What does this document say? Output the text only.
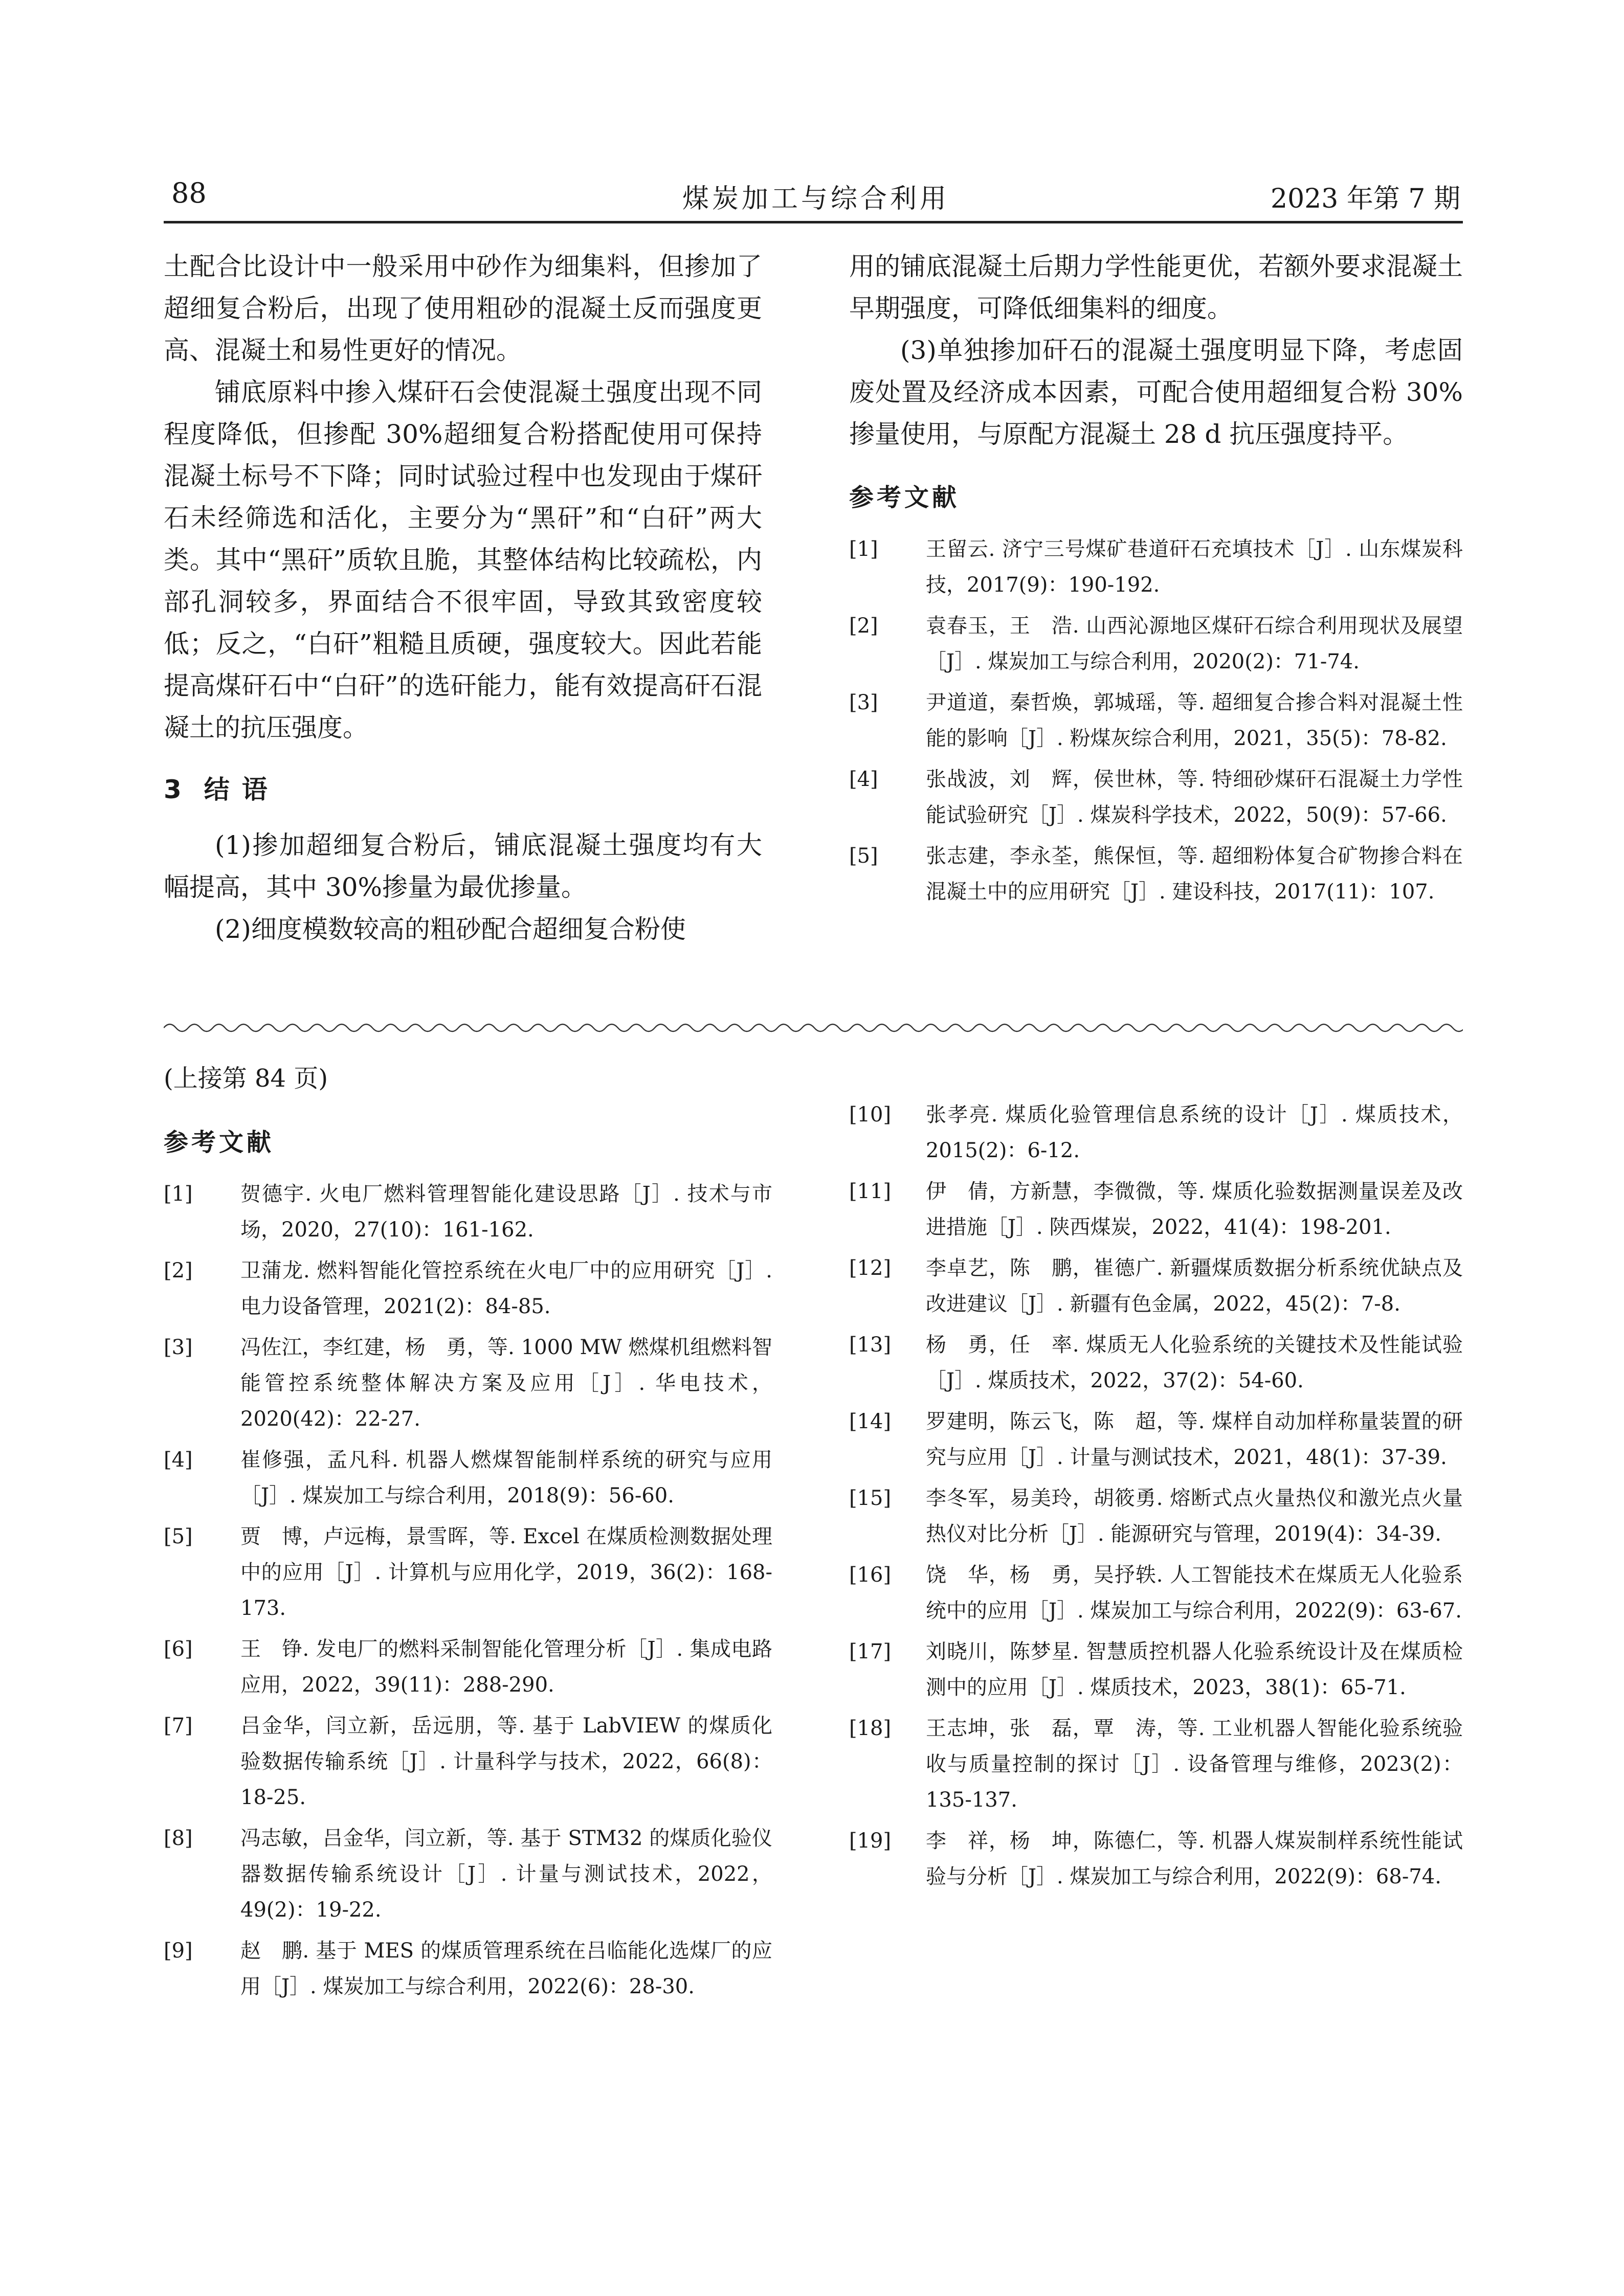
88	煤炭加工与综合利用	2023 年第 7 期

土配合比设计中一般采用中砂作为细集料，但掺加了超细复合粉后，出现了使用粗砂的混凝土反而强度更高、混凝土和易性更好的情况。

铺底原料中掺入煤矸石会使混凝土强度出现不同程度降低，但掺配 30%超细复合粉搭配使用可保持混凝土标号不下降；同时试验过程中也发现由于煤矸石未经筛选和活化，主要分为“黑矸”和“白矸”两大类。其中“黑矸”质软且脆，其整体结构比较疏松，内部孔洞较多，界面结合不很牢固，导致其致密度较低；反之，“白矸”粗糙且质硬，强度较大。因此若能提高煤矸石中“白矸”的选矸能力，能有效提高矸石混凝土的抗压强度。

3 结语

(1)掺加超细复合粉后，铺底混凝土强度均有大幅提高，其中 30%掺量为最优掺量。

(2)细度模数较高的粗砂配合超细复合粉使

用的铺底混凝土后期力学性能更优，若额外要求混凝土早期强度，可降低细集料的细度。

(3)单独掺加矸石的混凝土强度明显下降，考虑固废处置及经济成本因素，可配合使用超细复合粉 30%掺量使用，与原配方混凝土 28 d 抗压强度持平。

参考文献
[1] 王留云. 济宁三号煤矿巷道矸石充填技术［J］. 山东煤炭科技，2017(9)：190-192.
[2] 袁春玉，王　浩. 山西沁源地区煤矸石综合利用现状及展望［J］. 煤炭加工与综合利用，2020(2)：71-74.
[3] 尹道道，秦哲焕，郭城瑶，等. 超细复合掺合料对混凝土性能的影响［J］. 粉煤灰综合利用，2021，35(5)：78-82.
[4] 张战波，刘　辉，侯世林，等. 特细砂煤矸石混凝土力学性能试验研究［J］. 煤炭科学技术，2022，50(9)：57-66.
[5] 张志建，李永荃，熊保恒，等. 超细粉体复合矿物掺合料在混凝土中的应用研究［J］. 建设科技，2017(11)：107.
(上接第 84 页)
参考文献
[1] 贺德宇. 火电厂燃料管理智能化建设思路［J］. 技术与市场，2020，27(10)：161-162.
[2] 卫蒲龙. 燃料智能化管控系统在火电厂中的应用研究［J］. 电力设备管理，2021(2)：84-85.
[3] 冯佐江，李红建，杨　勇，等. 1000 MW 燃煤机组燃料智能管控系统整体解决方案及应用［J］. 华电技术，2020(42)：22-27.
[4] 崔修强，孟凡科. 机器人燃煤智能制样系统的研究与应用［J］. 煤炭加工与综合利用，2018(9)：56-60.
[5] 贾　博，卢远梅，景雪晖，等. Excel 在煤质检测数据处理中的应用［J］. 计算机与应用化学，2019，36(2)：168-173.
[6] 王　铮. 发电厂的燃料采制智能化管理分析［J］. 集成电路应用，2022，39(11)：288-290.
[7] 吕金华，闫立新，岳远朋，等. 基于 LabVIEW 的煤质化验数据传输系统［J］. 计量科学与技术，2022，66(8)：18-25.
[8] 冯志敏，吕金华，闫立新，等. 基于 STM32 的煤质化验仪器数据传输系统设计［J］. 计量与测试技术，2022，49(2)：19-22.
[9] 赵　鹏. 基于 MES 的煤质管理系统在吕临能化选煤厂的应用［J］. 煤炭加工与综合利用，2022(6)：28-30.
[10] 张孝亮. 煤质化验管理信息系统的设计［J］. 煤质技术，2015(2)：6-12.
[11] 伊　倩，方新慧，李微微，等. 煤质化验数据测量误差及改进措施［J］. 陕西煤炭，2022，41(4)：198-201.
[12] 李卓艺，陈　鹏，崔德广. 新疆煤质数据分析系统优缺点及改进建议［J］. 新疆有色金属，2022，45(2)：7-8.
[13] 杨　勇，任　率. 煤质无人化验系统的关键技术及性能试验［J］. 煤质技术，2022，37(2)：54-60.
[14] 罗建明，陈云飞，陈　超，等. 煤样自动加样称量装置的研究与应用［J］. 计量与测试技术，2021，48(1)：37-39.
[15] 李冬军，易美玲，胡筱勇. 熔断式点火量热仪和激光点火量热仪对比分析［J］. 能源研究与管理，2019(4)：34-39.
[16] 饶　华，杨　勇，吴抒轶. 人工智能技术在煤质无人化验系统中的应用［J］. 煤炭加工与综合利用，2022(9)：63-67.
[17] 刘晓川，陈梦星. 智慧质控机器人化验系统设计及在煤质检测中的应用［J］. 煤质技术，2023，38(1)：65-71.
[18] 王志坤，张　磊，覃　涛，等. 工业机器人智能化验系统验收与质量控制的探讨［J］. 设备管理与维修，2023(2)：135-137.
[19] 李　祥，杨　坤，陈德仁，等. 机器人煤炭制样系统性能试验与分析［J］. 煤炭加工与综合利用，2022(9)：68-74.
